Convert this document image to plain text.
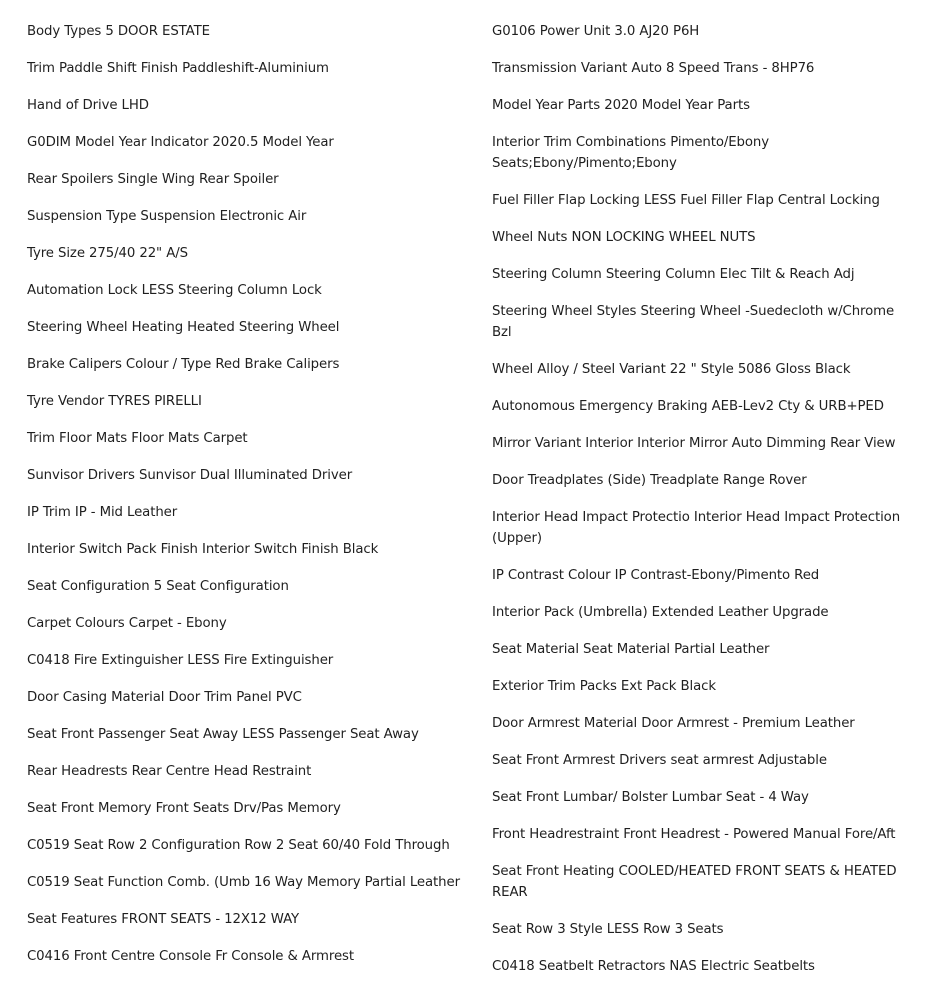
Body Types 5 DOOR ESTATE
Trim Paddle Shift Finish Paddleshift-Aluminium
Hand of Drive LHD
G0DIM Model Year Indicator 2020.5 Model Year
Rear Spoilers Single Wing Rear Spoiler
Suspension Type Suspension Electronic Air
Tyre Size 275/40 22" A/S
Automation Lock LESS Steering Column Lock
Steering Wheel Heating Heated Steering Wheel
Brake Calipers Colour / Type Red Brake Calipers
Tyre Vendor TYRES PIRELLI
Trim Floor Mats Floor Mats Carpet
Sunvisor Drivers Sunvisor Dual Illuminated Driver
IP Trim IP - Mid Leather
Interior Switch Pack Finish Interior Switch Finish Black
Seat Configuration 5 Seat Configuration
Carpet Colours Carpet - Ebony
C0418 Fire Extinguisher LESS Fire Extinguisher
Door Casing Material Door Trim Panel PVC
Seat Front Passenger Seat Away LESS Passenger Seat Away
Rear Headrests Rear Centre Head Restraint
Seat Front Memory Front Seats Drv/Pas Memory
C0519 Seat Row 2 Configuration Row 2 Seat 60/40 Fold Through
C0519 Seat Function Comb. (Umb 16 Way Memory Partial Leather
Seat Features FRONT SEATS - 12X12 WAY
C0416 Front Centre Console Fr Console & Armrest
G0106 Power Unit 3.0 AJ20 P6H
Transmission Variant Auto 8 Speed Trans - 8HP76
Model Year Parts 2020 Model Year Parts
Interior Trim Combinations Pimento/Ebony Seats;Ebony/Pimento;Ebony
Fuel Filler Flap Locking LESS Fuel Filler Flap Central Locking
Wheel Nuts NON LOCKING WHEEL NUTS
Steering Column Steering Column Elec Tilt & Reach Adj
Steering Wheel Styles Steering Wheel -Suedecloth w/Chrome Bzl
Wheel Alloy / Steel Variant 22 " Style 5086 Gloss Black
Autonomous Emergency Braking AEB-Lev2 Cty & URB+PED
Mirror Variant Interior Interior Mirror Auto Dimming Rear View
Door Treadplates (Side) Treadplate Range Rover
Interior Head Impact Protectio Interior Head Impact Protection (Upper)
IP Contrast Colour IP Contrast-Ebony/Pimento Red
Interior Pack (Umbrella) Extended Leather Upgrade
Seat Material Seat Material Partial Leather
Exterior Trim Packs Ext Pack Black
Door Armrest Material Door Armrest - Premium Leather
Seat Front Armrest Drivers seat armrest Adjustable
Seat Front Lumbar/ Bolster Lumbar Seat - 4 Way
Front Headrestraint Front Headrest - Powered Manual Fore/Aft
Seat Front Heating COOLED/HEATED FRONT SEATS & HEATED REAR
Seat Row 3 Style LESS Row 3 Seats
C0418 Seatbelt Retractors NAS Electric Seatbelts
